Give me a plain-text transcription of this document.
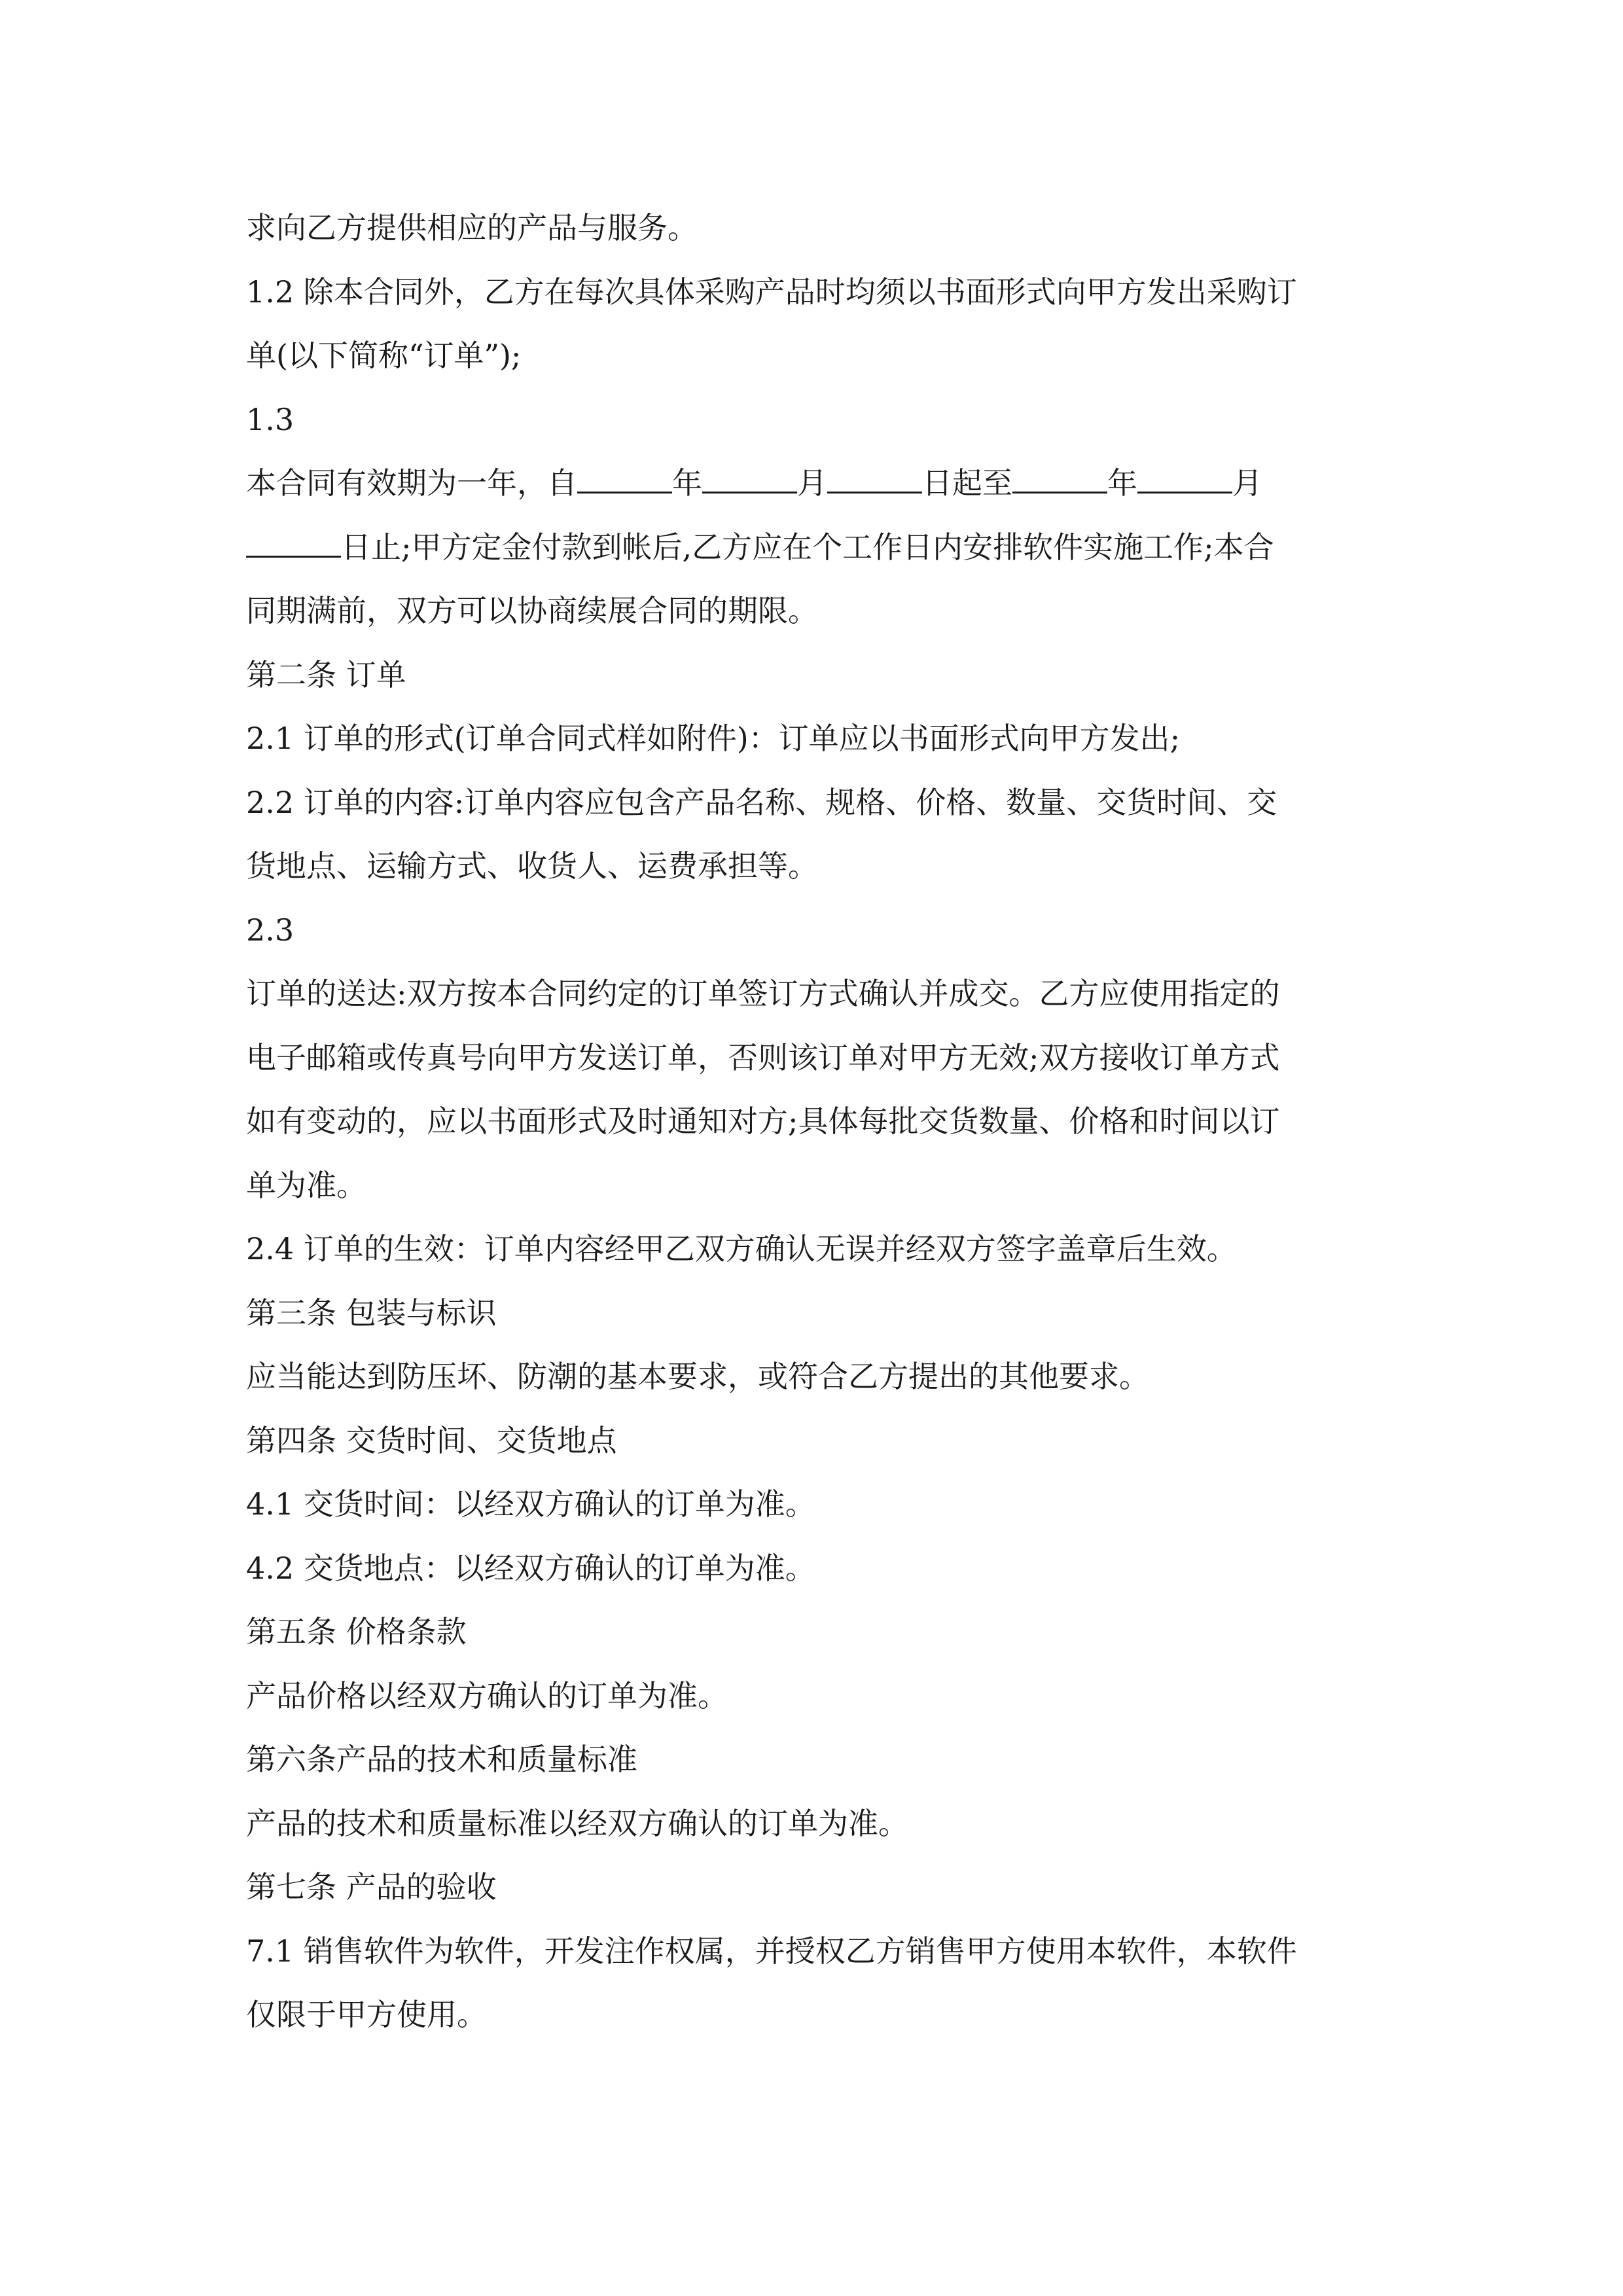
求向乙方提供相应的产品与服务。
1.2 除本合同外，乙方在每次具体采购产品时均须以书面形式向甲方发出采购订
单(以下简称“订单”);
1.3
本合同有效期为一年，自	年	月	日起至	年	月
日止;甲方定金付款到帐后,乙方应在个工作日内安排软件实施工作;本合
同期满前，双方可以协商续展合同的期限。
第二条 订单
2.1 订单的形式(订单合同式样如附件)：订单应以书面形式向甲方发出;
2.2 订单的内容:订单内容应包含产品名称、规格、价格、数量、交货时间、交
货地点、运输方式、收货人、运费承担等。
2.3
订单的送达:双方按本合同约定的订单签订方式确认并成交。乙方应使用指定的
电子邮箱或传真号向甲方发送订单，否则该订单对甲方无效;双方接收订单方式
如有变动的，应以书面形式及时通知对方;具体每批交货数量、价格和时间以订
单为准。
2.4 订单的生效：订单内容经甲乙双方确认无误并经双方签字盖章后生效。
第三条 包装与标识
应当能达到防压坏、防潮的基本要求，或符合乙方提出的其他要求。
第四条 交货时间、交货地点
4.1 交货时间：以经双方确认的订单为准。
4.2 交货地点：以经双方确认的订单为准。
第五条 价格条款
产品价格以经双方确认的订单为准。
第六条产品的技术和质量标准
产品的技术和质量标准以经双方确认的订单为准。
第七条 产品的验收
7.1 销售软件为软件，开发注作权属，并授权乙方销售甲方使用本软件，本软件
仅限于甲方使用。
